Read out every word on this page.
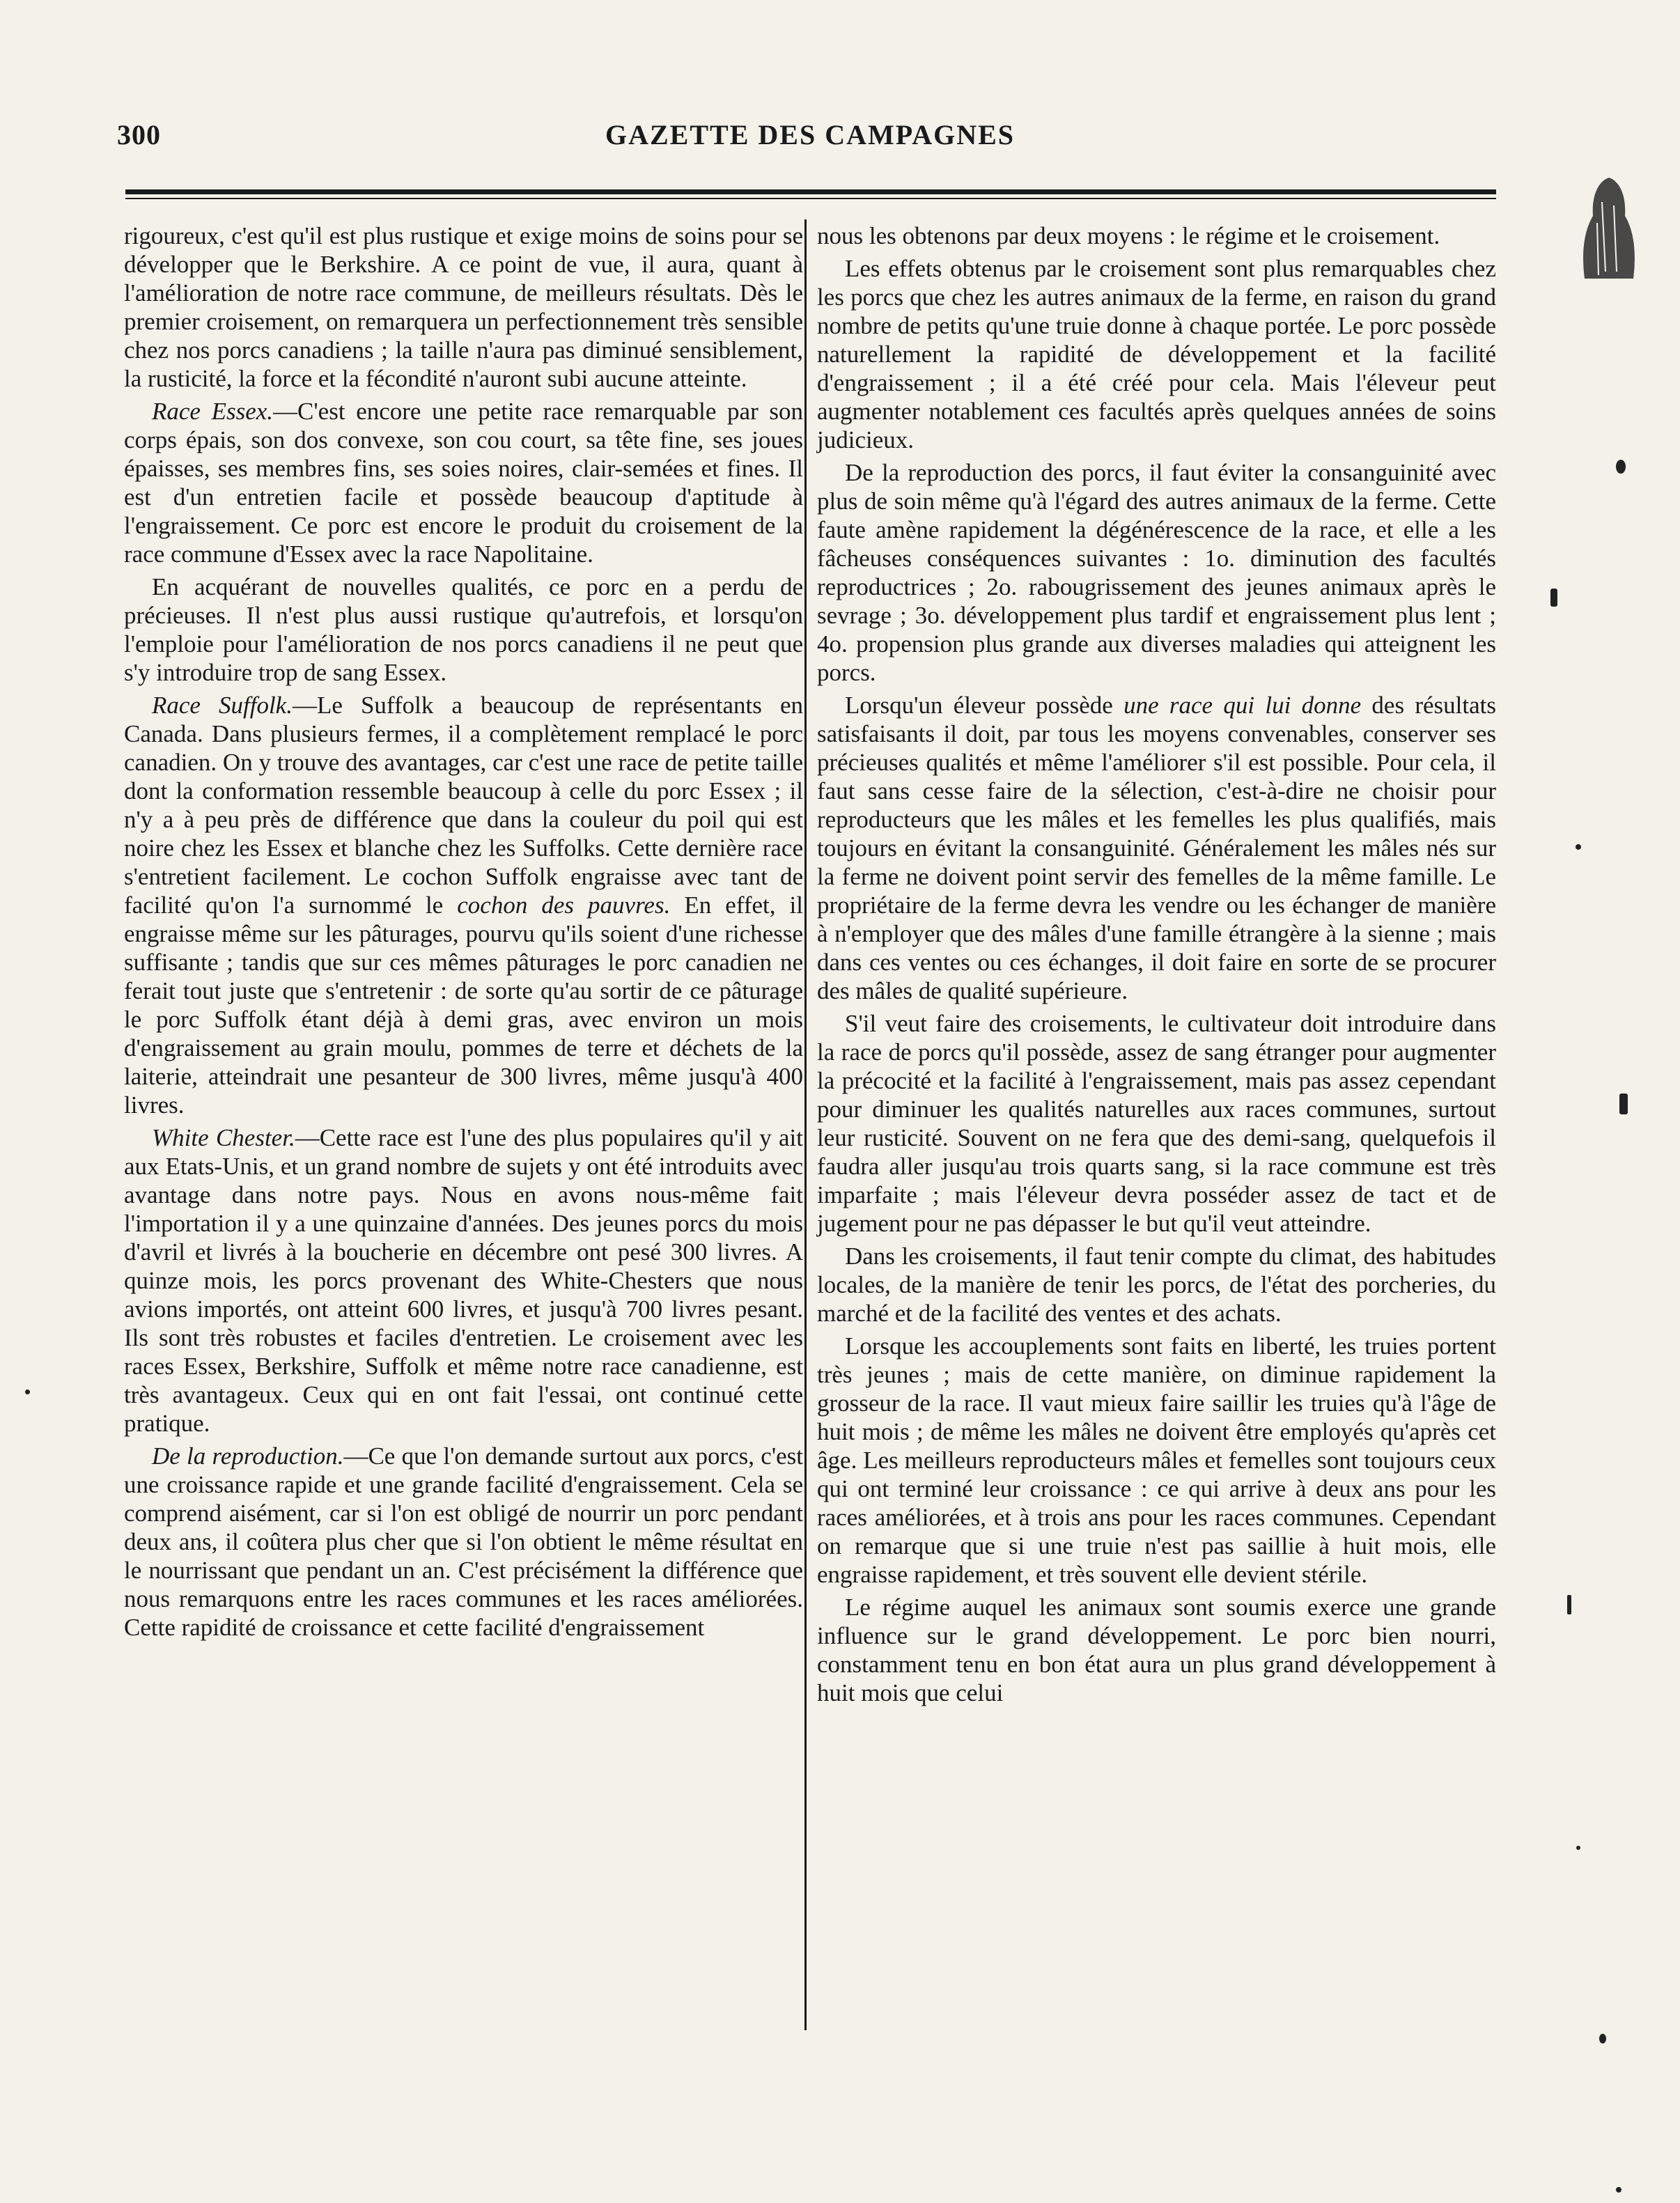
300	GAZETTE DES CAMPAGNES

rigoureux, c'est qu'il est plus rustique et exige moins de soins pour se développer que le Berkshire. A ce point de vue, il aura, quant à l'amélioration de notre race commune, de meilleurs résultats. Dès le premier croisement, on remarquera un perfectionnement très sensible chez nos porcs canadiens ; la taille n'aura pas diminué sensiblement, la rusticité, la force et la fécondité n'auront subi aucune atteinte.

Race Essex.—C'est encore une petite race remarquable par son corps épais, son dos convexe, son cou court, sa tête fine, ses joues épaisses, ses membres fins, ses soies noires, clair-semées et fines. Il est d'un entretien facile et possède beaucoup d'aptitude à l'engraissement. Ce porc est encore le produit du croisement de la race commune d'Essex avec la race Napolitaine.

En acquérant de nouvelles qualités, ce porc en a perdu de précieuses. Il n'est plus aussi rustique qu'autrefois, et lorsqu'on l'emploie pour l'amélioration de nos porcs canadiens il ne peut que s'y introduire trop de sang Essex.

Race Suffolk.—Le Suffolk a beaucoup de représentants en Canada. Dans plusieurs fermes, il a complètement remplacé le porc canadien. On y trouve des avantages, car c'est une race de petite taille dont la conformation ressemble beaucoup à celle du porc Essex ; il n'y a à peu près de différence que dans la couleur du poil qui est noire chez les Essex et blanche chez les Suffolks. Cette dernière race s'entretient facilement. Le cochon Suffolk engraisse avec tant de facilité qu'on l'a surnommé le cochon des pauvres. En effet, il engraisse même sur les pâturages, pourvu qu'ils soient d'une richesse suffisante ; tandis que sur ces mêmes pâturages le porc canadien ne ferait tout juste que s'entretenir : de sorte qu'au sortir de ce pâturage le porc Suffolk étant déjà à demi gras, avec environ un mois d'engraissement au grain moulu, pommes de terre et déchets de la laiterie, atteindrait une pesanteur de 300 livres, même jusqu'à 400 livres.

White Chester.—Cette race est l'une des plus populaires qu'il y ait aux Etats-Unis, et un grand nombre de sujets y ont été introduits avec avantage dans notre pays. Nous en avons nous-même fait l'importation il y a une quinzaine d'années. Des jeunes porcs du mois d'avril et livrés à la boucherie en décembre ont pesé 300 livres. A quinze mois, les porcs provenant des White-Chesters que nous avions importés, ont atteint 600 livres, et jusqu'à 700 livres pesant. Ils sont très robustes et faciles d'entretien. Le croisement avec les races Essex, Berkshire, Suffolk et même notre race canadienne, est très avantageux. Ceux qui en ont fait l'essai, ont continué cette pratique.

De la reproduction.—Ce que l'on demande surtout aux porcs, c'est une croissance rapide et une grande facilité d'engraissement. Cela se comprend aisément, car si l'on est obligé de nourrir un porc pendant deux ans, il coûtera plus cher que si l'on obtient le même résultat en le nourrissant que pendant un an. C'est précisément la différence que nous remarquons entre les races communes et les races améliorées. Cette rapidité de croissance et cette facilité d'engraissement

nous les obtenons par deux moyens : le régime et le croisement.

Les effets obtenus par le croisement sont plus remarquables chez les porcs que chez les autres animaux de la ferme, en raison du grand nombre de petits qu'une truie donne à chaque portée. Le porc possède naturellement la rapidité de développement et la facilité d'engraissement ; il a été créé pour cela. Mais l'éleveur peut augmenter notablement ces facultés après quelques années de soins judicieux.

De la reproduction des porcs, il faut éviter la consanguinité avec plus de soin même qu'à l'égard des autres animaux de la ferme. Cette faute amène rapidement la dégénérescence de la race, et elle a les fâcheuses conséquences suivantes : 1o. diminution des facultés reproductrices ; 2o. rabougrissement des jeunes animaux après le sevrage ; 3o. développement plus tardif et engraissement plus lent ; 4o. propension plus grande aux diverses maladies qui atteignent les porcs.

Lorsqu'un éleveur possède une race qui lui donne des résultats satisfaisants il doit, par tous les moyens convenables, conserver ses précieuses qualités et même l'améliorer s'il est possible. Pour cela, il faut sans cesse faire de la sélection, c'est-à-dire ne choisir pour reproducteurs que les mâles et les femelles les plus qualifiés, mais toujours en évitant la consanguinité. Généralement les mâles nés sur la ferme ne doivent point servir des femelles de la même famille. Le propriétaire de la ferme devra les vendre ou les échanger de manière à n'employer que des mâles d'une famille étrangère à la sienne ; mais dans ces ventes ou ces échanges, il doit faire en sorte de se procurer des mâles de qualité supérieure.

S'il veut faire des croisements, le cultivateur doit introduire dans la race de porcs qu'il possède, assez de sang étranger pour augmenter la précocité et la facilité à l'engraissement, mais pas assez cependant pour diminuer les qualités naturelles aux races communes, surtout leur rusticité. Souvent on ne fera que des demi-sang, quelquefois il faudra aller jusqu'au trois quarts sang, si la race commune est très imparfaite ; mais l'éleveur devra posséder assez de tact et de jugement pour ne pas dépasser le but qu'il veut atteindre.

Dans les croisements, il faut tenir compte du climat, des habitudes locales, de la manière de tenir les porcs, de l'état des porcheries, du marché et de la facilité des ventes et des achats.

Lorsque les accouplements sont faits en liberté, les truies portent très jeunes ; mais de cette manière, on diminue rapidement la grosseur de la race. Il vaut mieux faire saillir les truies qu'à l'âge de huit mois ; de même les mâles ne doivent être employés qu'après cet âge. Les meilleurs reproducteurs mâles et femelles sont toujours ceux qui ont terminé leur croissance : ce qui arrive à deux ans pour les races améliorées, et à trois ans pour les races communes. Cependant on remarque que si une truie n'est pas saillie à huit mois, elle engraisse rapidement, et très souvent elle devient stérile.

Le régime auquel les animaux sont soumis exerce une grande influence sur le grand développement. Le porc bien nourri, constamment tenu en bon état aura un plus grand développement à huit mois que celui
